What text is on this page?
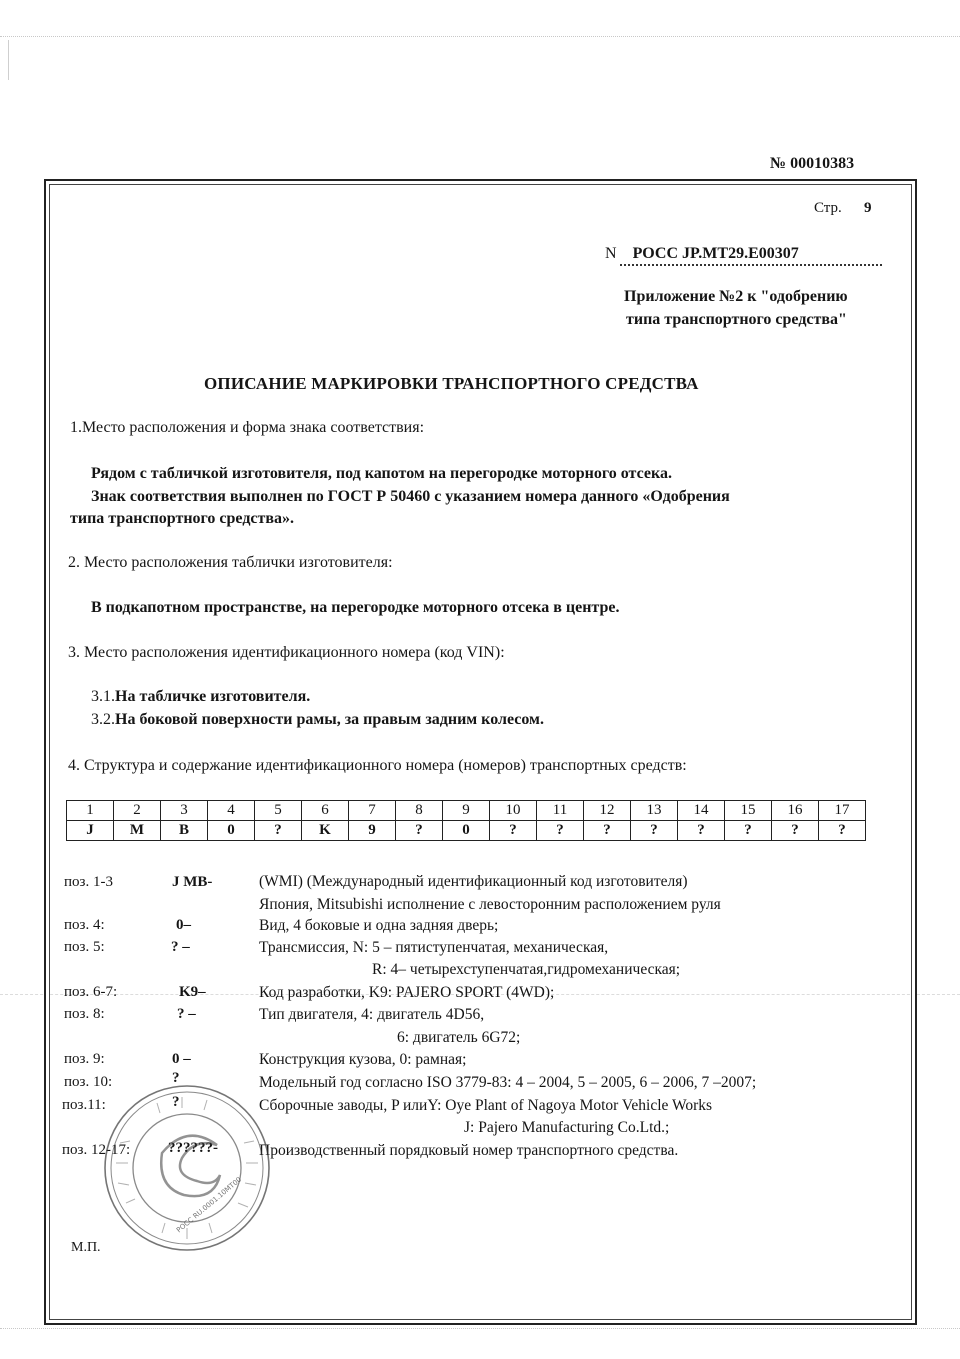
№ 00010383
Стр. 9
N РОСС JP.MT29.E00307
Приложение №2 к "одобрению
типа транспортного средства"
ОПИСАНИЕ МАРКИРОВКИ ТРАНСПОРТНОГО СРЕДСТВА
1.Место расположения и форма знака соответствия:
Рядом с табличкой изготовителя, под капотом на перегородке моторного отсека.
Знак соответствия выполнен по ГОСТ Р 50460 с указанием номера данного «Одобрения
типа транспортного средства».
2. Место расположения таблички изготовителя:
В подкапотном пространстве, на перегородке моторного отсека в центре.
3. Место расположения идентификационного номера (код VIN):
3.1.На табличке изготовителя.
3.2.На боковой поверхности рамы, за правым задним колесом.
4. Структура и содержание идентификационного номера (номеров) транспортных средств:
1	2	3	4	5	6	7	8	9	10	11	12	13	14	15	16	17
J	M	B	0	?	K	9	?	0	?	?	?	?	?	?	?	?
поз. 1-3	J MB-	(WMI) (Международный идентификационный код изготовителя)
Япония, Mitsubishi исполнение с левосторонним расположением руля
поз. 4:	0–	Вид, 4 боковые и одна задняя дверь;
поз. 5:	? –	Трансмиссия, N: 5 – пятиступенчатая, механическая,
R: 4– четырехступенчатая,гидромеханическая;
поз. 6-7:	K9–	Код разработки, K9: PAJERO SPORT (4WD);
поз. 8:	? –	Тип двигателя, 4: двигатель 4D56,
6: двигатель 6G72;
поз. 9:	0 –	Конструкция кузова, 0: рамная;
поз. 10:	?	Модельный год согласно ISO 3779-83: 4 – 2004, 5 – 2005, 6 – 2006, 7 –2007;
поз.11:	?	Сборочные заводы, P илиY: Oye Plant of Nagoya Motor Vehicle Works
J: Pajero Manufacturing Co.Ltd.;
поз. 12-17:	??????-	Производственный порядковый номер транспортного средства.
РОСС RU.0001.10МТ00
М.П.
